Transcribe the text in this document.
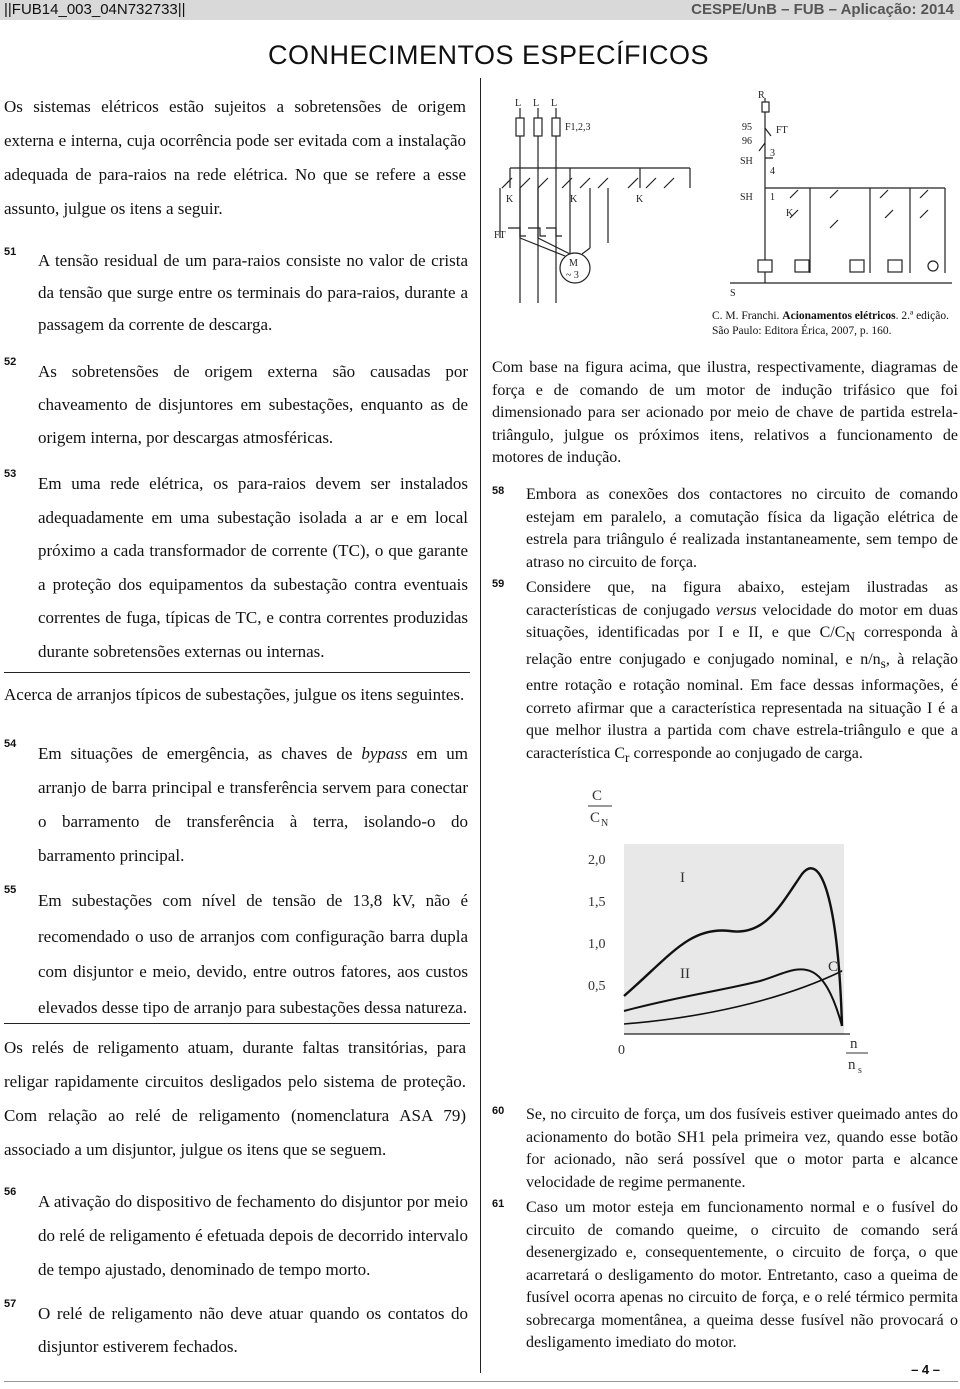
||FUB14_003_04N732733||	CESPE/UnB – FUB – Aplicação: 2014
CONHECIMENTOS ESPECÍFICOS
Os sistemas elétricos estão sujeitos a sobretensões de origem externa e interna, cuja ocorrência pode ser evitada com a instalação adequada de para-raios na rede elétrica. No que se refere a esse assunto, julgue os itens a seguir.
51 A tensão residual de um para-raios consiste no valor de crista da tensão que surge entre os terminais do para-raios, durante a passagem da corrente de descarga.
52 As sobretensões de origem externa são causadas por chaveamento de disjuntores em subestações, enquanto as de origem interna, por descargas atmosféricas.
53 Em uma rede elétrica, os para-raios devem ser instalados adequadamente em uma subestação isolada a ar e em local próximo a cada transformador de corrente (TC), o que garante a proteção dos equipamentos da subestação contra eventuais correntes de fuga, típicas de TC, e contra correntes produzidas durante sobretensões externas ou internas.
Acerca de arranjos típicos de subestações, julgue os itens seguintes.
54 Em situações de emergência, as chaves de bypass em um arranjo de barra principal e transferência servem para conectar o barramento de transferência à terra, isolando-o do barramento principal.
55
Em subestações com nível de tensão de 13,8 kV, não é recomendado o uso de arranjos com configuração barra dupla com disjuntor e meio, devido, entre outros fatores, aos custos elevados desse tipo de arranjo para subestações dessa natureza.
Os relés de religamento atuam, durante faltas transitórias, para religar rapidamente circuitos desligados pelo sistema de proteção. Com relação ao relé de religamento (nomenclatura ASA 79) associado a um disjuntor, julgue os itens que se seguem.
56 A ativação do dispositivo de fechamento do disjuntor por meio do relé de religamento é efetuada depois de decorrido intervalo de tempo ajustado, denominado de tempo morto.
57 O relé de religamento não deve atuar quando os contatos do disjuntor estiverem fechados.
L L L
F1,2,3
K	K	K
FT
M
~ 3
R
95
96
FT
SH
3
4
SH 1
K
S
C. M. Franchi. Acionamentos elétricos. 2.ª edição.
São Paulo: Editora Érica, 2007, p. 160.
Com base na figura acima, que ilustra, respectivamente, diagramas de força e de comando de um motor de indução trifásico que foi dimensionado para ser acionado por meio de chave de partida estrela-triângulo, julgue os próximos itens, relativos a funcionamento de motores de indução.
58 Embora as conexões dos contactores no circuito de comando estejam em paralelo, a comutação física da ligação elétrica de estrela para triângulo é realizada instantaneamente, sem tempo de atraso no circuito de força.
59 Considere que, na figura abaixo, estejam ilustradas as características de conjugado versus velocidade do motor em duas situações, identificadas por I e II, e que $C/C_N$ corresponda à relação entre conjugado e conjugado nominal, e $n/n_s$, à relação entre rotação e rotação nominal. Em face dessas informações, é correto afirmar que a característica representada na situação I é a que melhor ilustra a partida com chave estrela-triângulo e que a característica $C_r$ corresponde ao conjugado de carga.
C
C N
2,0
1,5
1,0
0,5
0
I
II	C r
n
n s
60 Se, no circuito de força, um dos fusíveis estiver queimado antes do acionamento do botão SH1 pela primeira vez, quando esse botão for acionado, não será possível que o motor parta e alcance velocidade de regime permanente.
61 Caso um motor esteja em funcionamento normal e o fusível do circuito de comando queime, o circuito de comando será desenergizado e, consequentemente, o circuito de força, o que acarretará o desligamento do motor. Entretanto, caso a queima de fusível ocorra apenas no circuito de força, e o relé térmico permita sobrecarga momentânea, a queima desse fusível não provocará o desligamento imediato do motor.
– 4 –
